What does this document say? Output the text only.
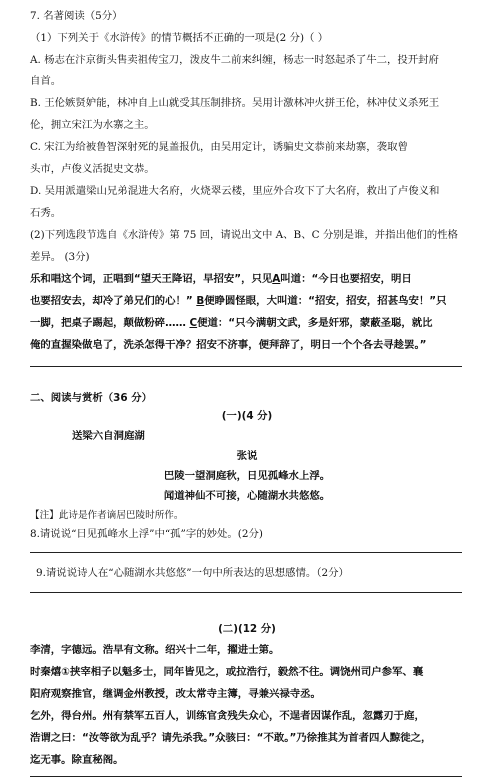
7. 名著阅读（5分）
（1）下列关于《水浒传》的情节概括不正确的一项是(2 分)（ ）
A. 杨志在汴京街头售卖祖传宝刀，泼皮牛二前来纠缠，杨志一时怒起杀了牛二，投开封府
自首。
B. 王伦嫉贤妒能，林冲自上山就受其压制排挤。吴用计激林冲火拼王伦，林冲仗义杀死王
伦，拥立宋江为水寨之主。
C. 宋江为给被鲁智深射死的晁盖报仇，由吴用定计，诱骗史文恭前来劫寨，袭取曾
头市，卢俊义活捉史文恭。
D. 吴用派遣梁山兄弟混进大名府，火烧翠云楼，里应外合攻下了大名府，救出了卢俊义和
石秀。
(2)下列选段节选自《水浒传》第 75 回，请说出文中 A、B、C 分别是谁，并指出他们的性格
差异。 (3分)
乐和唱这个词，正唱到“望天王降诏，早招安”，只见A叫道：“今日也要招安，明日
也要招安去，却冷了弟兄们的心！” B便睁圆怪眼，大叫道：“招安，招安，招甚鸟安！”只
一脚，把桌子踢起，颠做粉碎…… C便道：“只今满朝文武，多是奸邪，蒙蔽圣聪，就比
俺的直握染做皂了，洗杀怎得干净？招安不济事，便拜辞了，明日一个个各去寻趁罢。”
二、阅读与赏析（36 分）
(一)(4 分)
送梁六自洞庭湖
张说
巴陵一望洞庭秋，日见孤峰水上浮。
闻道神仙不可接，心随湖水共悠悠。
【注】此诗是作者谪居巴陵时所作。
8.请说说“日见孤峰水上浮”中“孤”字的妙处。(2分)
9.请说说诗人在“心随湖水共悠悠”一句中所表达的思想感情。（2分）
(二)(12 分)
李清，字德远。浩早有文称。绍兴十二年，擢进士第。
时秦熺①挟宰相子以魁多士，同年皆见之，或拉浩行，毅然不往。调饶州司户参军、襄
阳府观察推官，继调金州教授，改太常寺主簿，寻兼兴禄寺丞。
乞外，得台州。州有禁军五百人，训练官贪残失众心，不逞者因谋作乱，忽露刃于庭，
浩谓之曰：“汝等欲为乱乎？请先杀我。”众骇曰：“不敢。”乃徐推其为首者四人黥徙之，
迄无事。除直秘阁。
